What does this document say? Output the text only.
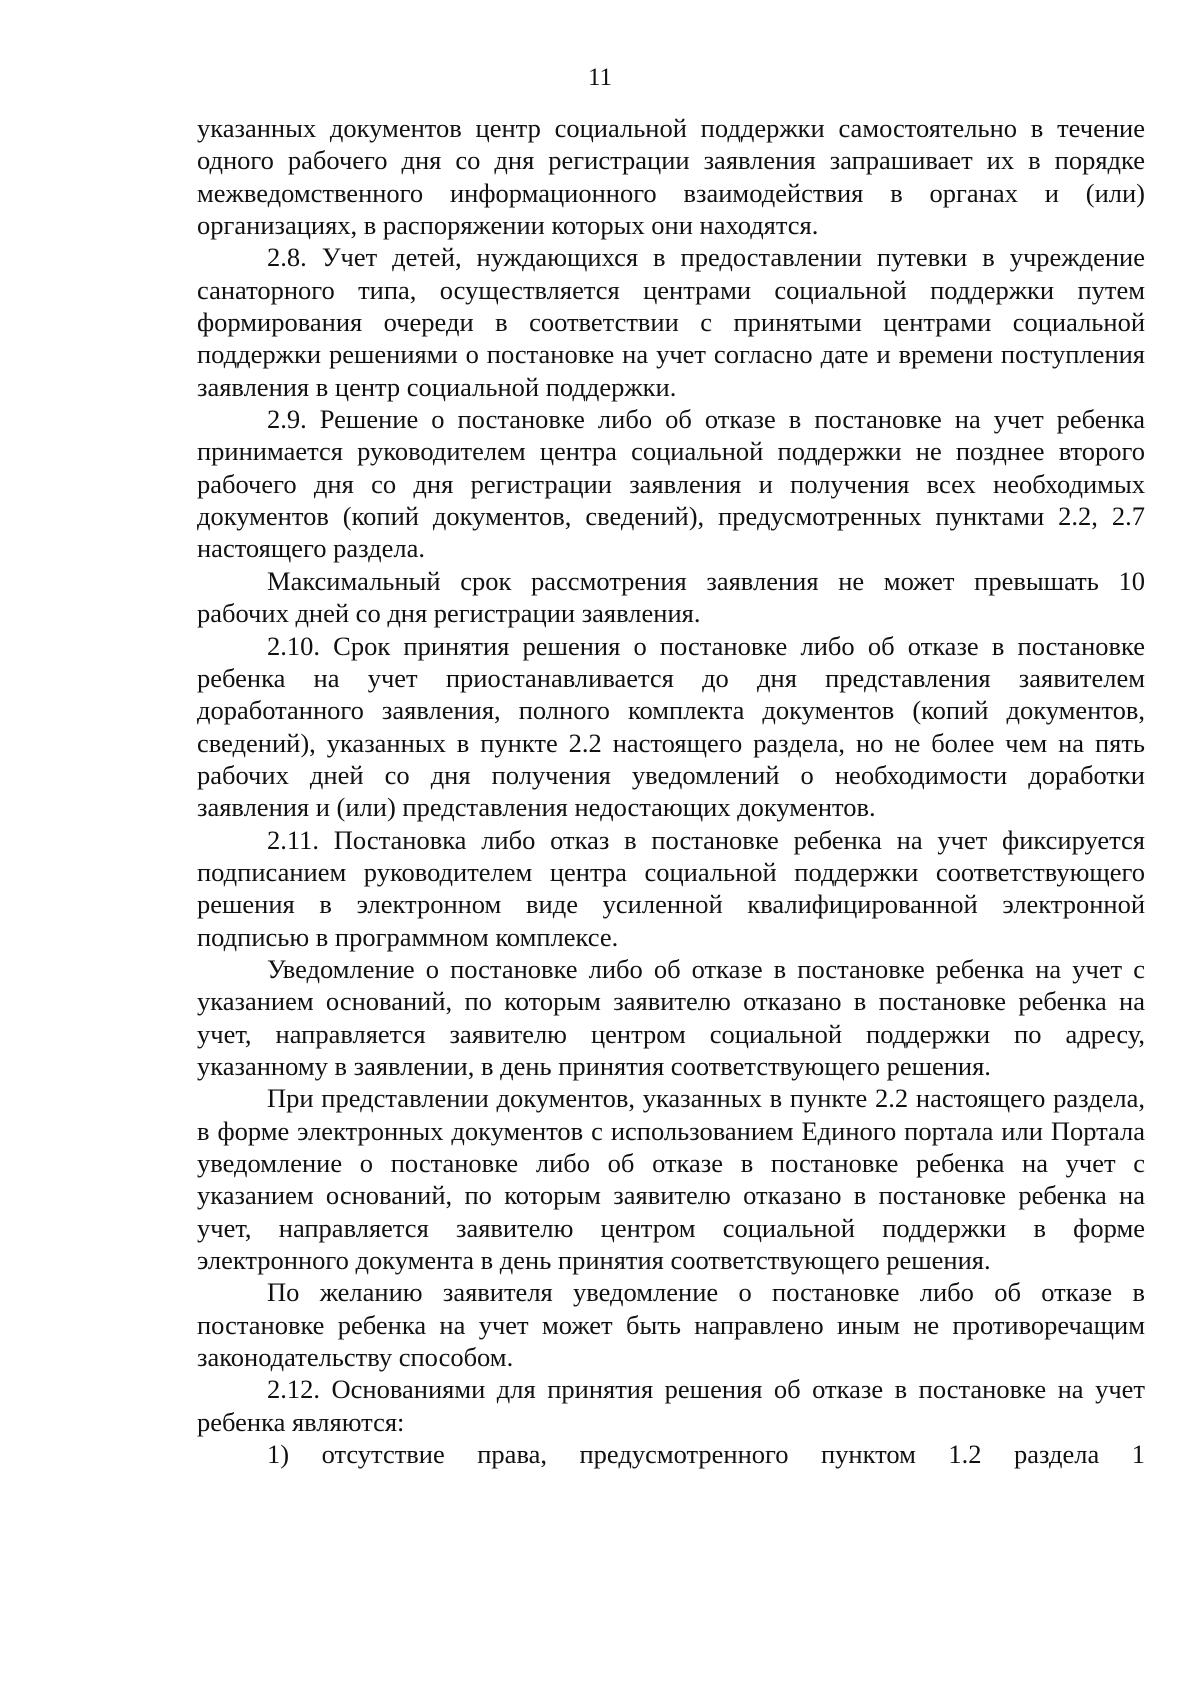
11

указанных документов центр социальной поддержки самостоятельно в течение одного рабочего дня со дня регистрации заявления запрашивает их в порядке межведомственного информационного взаимодействия в органах и (или) организациях, в распоряжении которых они находятся.

2.8. Учет детей, нуждающихся в предоставлении путевки в учреждение санаторного типа, осуществляется центрами социальной поддержки путем формирования очереди в соответствии с принятыми центрами социальной поддержки решениями о постановке на учет согласно дате и времени поступления заявления в центр социальной поддержки.

2.9. Решение о постановке либо об отказе в постановке на учет ребенка принимается руководителем центра социальной поддержки не позднее второго рабочего дня со дня регистрации заявления и получения всех необходимых документов (копий документов, сведений), предусмотренных пунктами 2.2, 2.7 настоящего раздела.

Максимальный срок рассмотрения заявления не может превышать 10 рабочих дней со дня регистрации заявления.

2.10. Срок принятия решения о постановке либо об отказе в постановке ребенка на учет приостанавливается до дня представления заявителем доработанного заявления, полного комплекта документов (копий документов, сведений), указанных в пункте 2.2 настоящего раздела, но не более чем на пять рабочих дней со дня получения уведомлений о необходимости доработки заявления и (или) представления недостающих документов.

2.11. Постановка либо отказ в постановке ребенка на учет фиксируется подписанием руководителем центра социальной поддержки соответствующего решения в электронном виде усиленной квалифицированной электронной подписью в программном комплексе.

Уведомление о постановке либо об отказе в постановке ребенка на учет с указанием оснований, по которым заявителю отказано в постановке ребенка на учет, направляется заявителю центром социальной поддержки по адресу, указанному в заявлении, в день принятия соответствующего решения.

При представлении документов, указанных в пункте 2.2 настоящего раздела, в форме электронных документов с использованием Единого портала или Портала уведомление о постановке либо об отказе в постановке ребенка на учет с указанием оснований, по которым заявителю отказано в постановке ребенка на учет, направляется заявителю центром социальной поддержки в форме электронного документа в день принятия соответствующего решения.

По желанию заявителя уведомление о постановке либо об отказе в постановке ребенка на учет может быть направлено иным не противоречащим законодательству способом.

2.12. Основаниями для принятия решения об отказе в постановке на учет ребенка являются:

1) отсутствие права, предусмотренного пунктом 1.2 раздела 1
